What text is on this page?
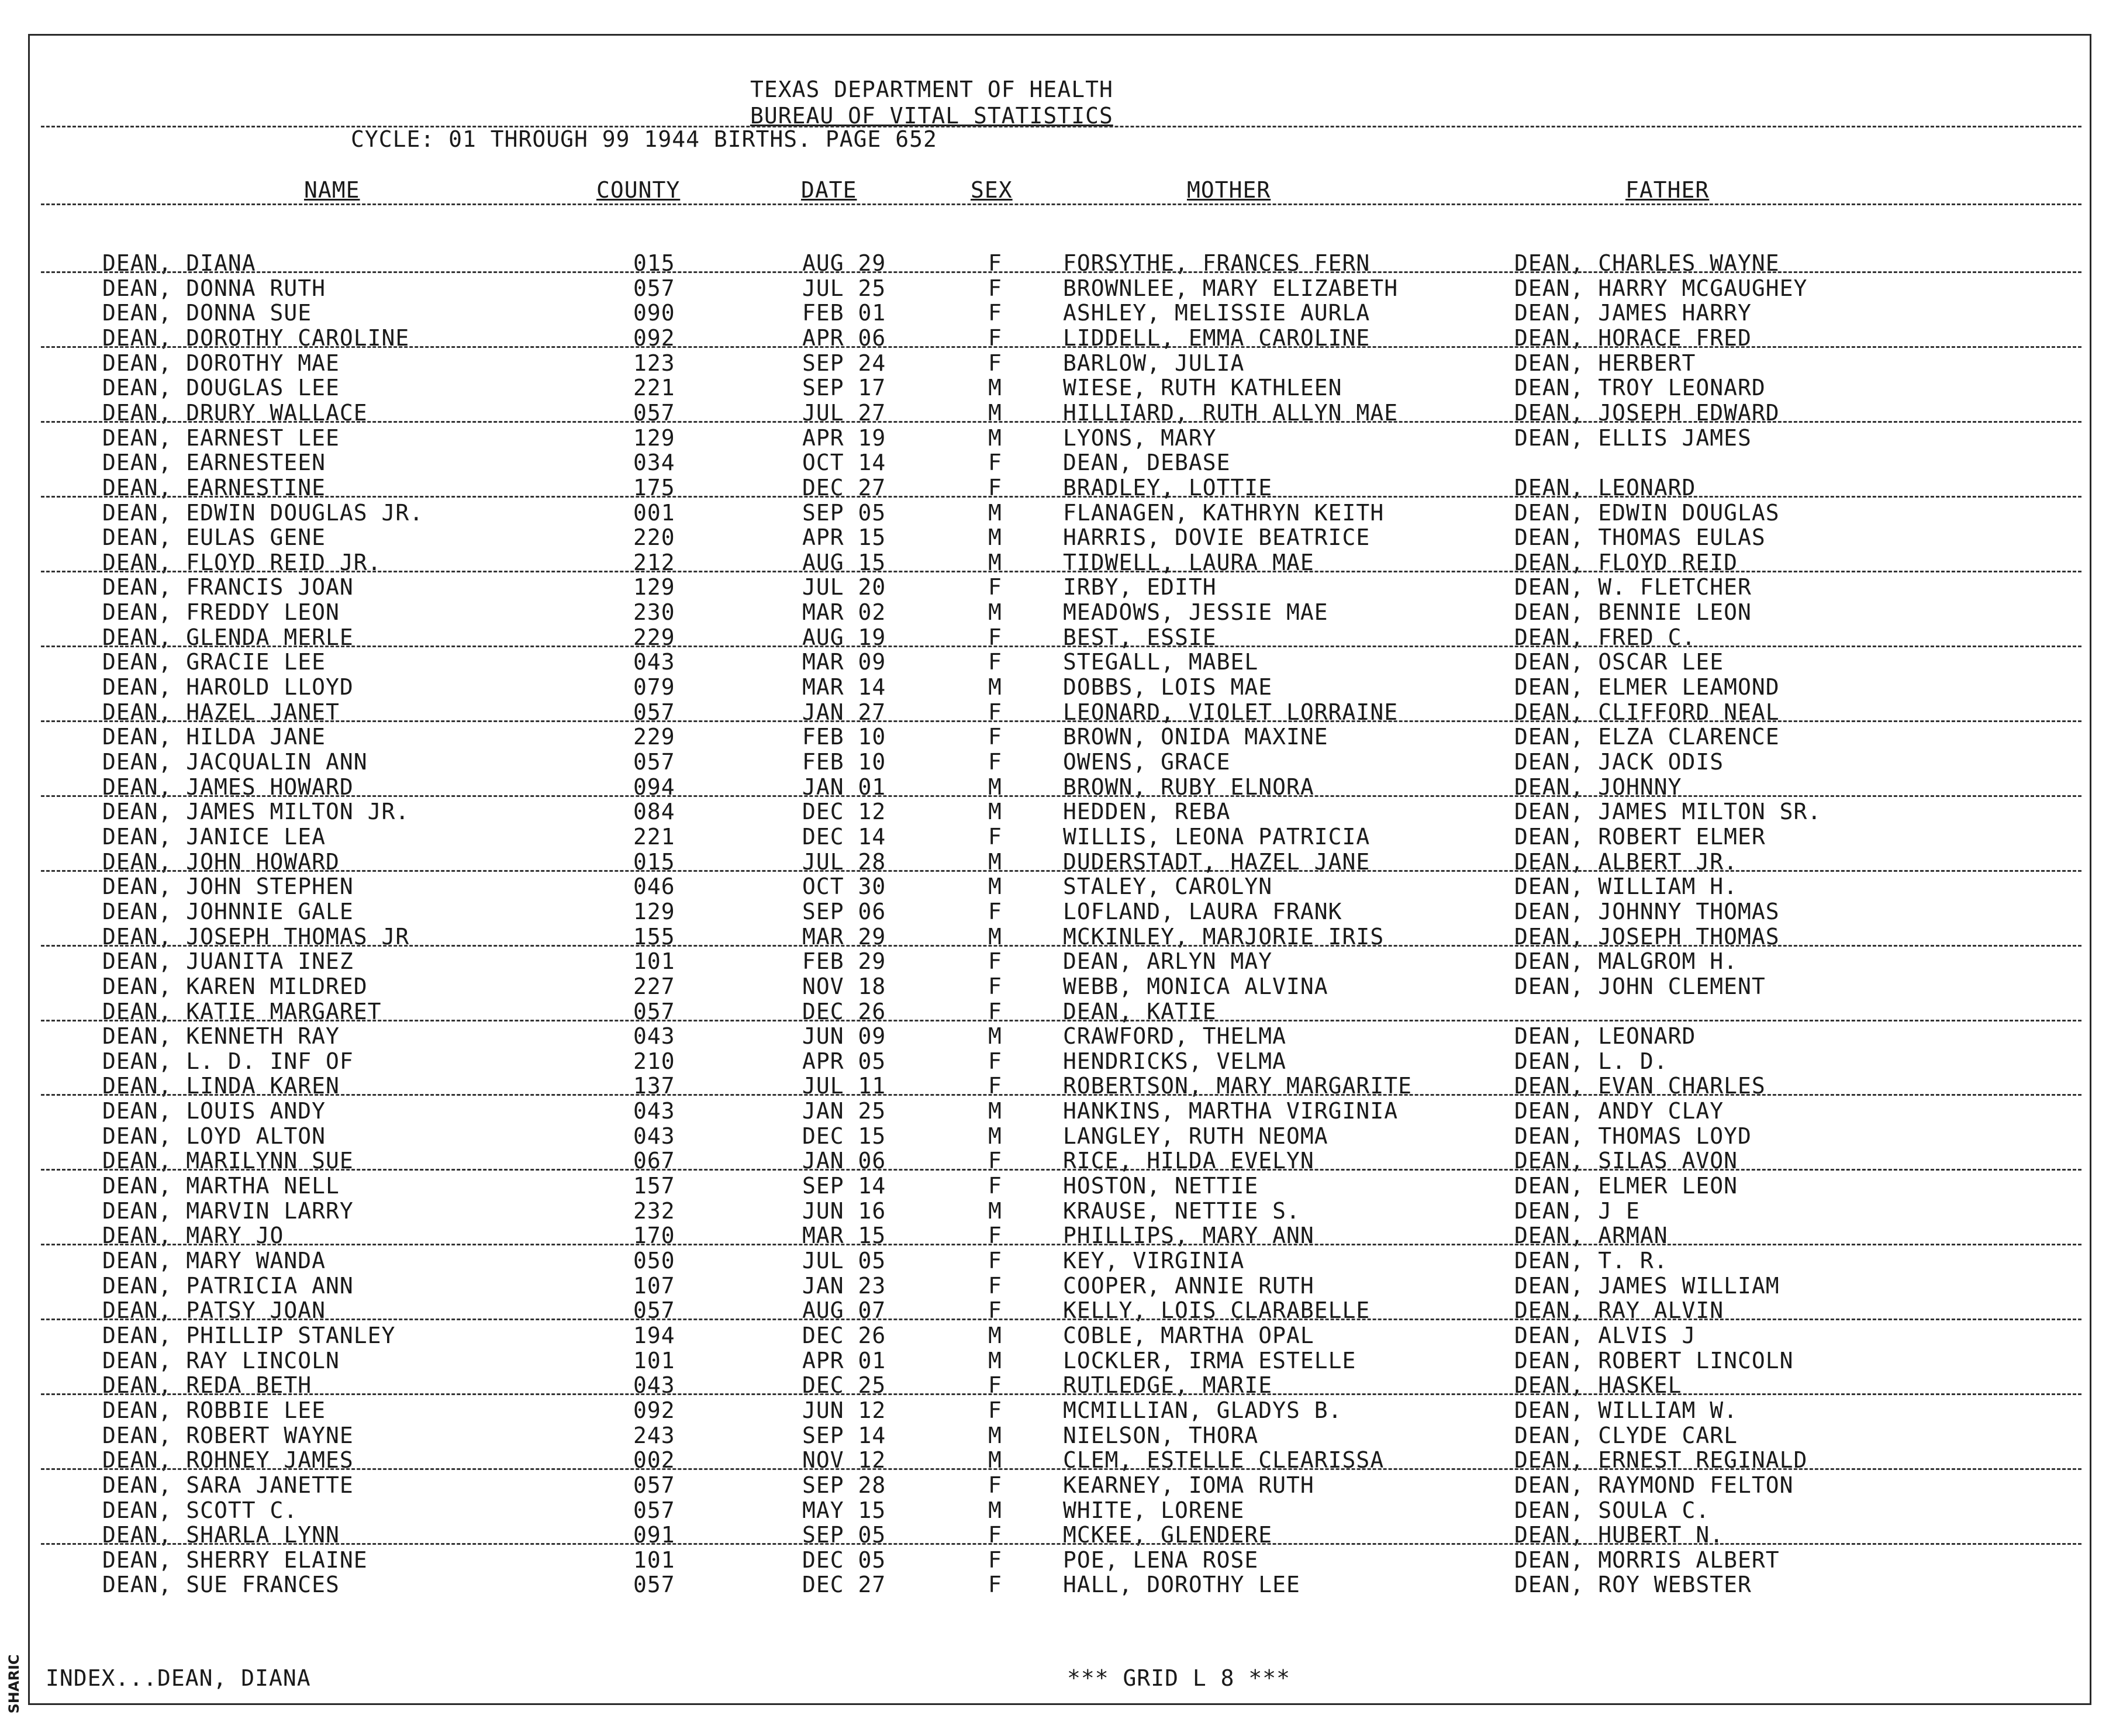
SHARIC
TEXAS DEPARTMENT OF HEALTH
BUREAU OF VITAL STATISTICS
CYCLE: 01 THROUGH 99 1944 BIRTHS. PAGE 652
NAME	COUNTY	DATE	SEX	MOTHER	FATHER
DEAN, DIANA	015	AUG 29	F	FORSYTHE, FRANCES FERN	DEAN, CHARLES WAYNE
DEAN, DONNA RUTH	057	JUL 25	F	BROWNLEE, MARY ELIZABETH	DEAN, HARRY MCGAUGHEY
DEAN, DONNA SUE	090	FEB 01	F	ASHLEY, MELISSIE AURLA	DEAN, JAMES HARRY
DEAN, DOROTHY CAROLINE	092	APR 06	F	LIDDELL, EMMA CAROLINE	DEAN, HORACE FRED
DEAN, DOROTHY MAE	123	SEP 24	F	BARLOW, JULIA	DEAN, HERBERT
DEAN, DOUGLAS LEE	221	SEP 17	M	WIESE, RUTH KATHLEEN	DEAN, TROY LEONARD
DEAN, DRURY WALLACE	057	JUL 27	M	HILLIARD, RUTH ALLYN MAE	DEAN, JOSEPH EDWARD
DEAN, EARNEST LEE	129	APR 19	M	LYONS, MARY	DEAN, ELLIS JAMES
DEAN, EARNESTEEN	034	OCT 14	F	DEAN, DEBASE
DEAN, EARNESTINE	175	DEC 27	F	BRADLEY, LOTTIE	DEAN, LEONARD
DEAN, EDWIN DOUGLAS JR.	001	SEP 05	M	FLANAGEN, KATHRYN KEITH	DEAN, EDWIN DOUGLAS
DEAN, EULAS GENE	220	APR 15	M	HARRIS, DOVIE BEATRICE	DEAN, THOMAS EULAS
DEAN, FLOYD REID JR.	212	AUG 15	M	TIDWELL, LAURA MAE	DEAN, FLOYD REID
DEAN, FRANCIS JOAN	129	JUL 20	F	IRBY, EDITH	DEAN, W. FLETCHER
DEAN, FREDDY LEON	230	MAR 02	M	MEADOWS, JESSIE MAE	DEAN, BENNIE LEON
DEAN, GLENDA MERLE	229	AUG 19	F	BEST, ESSIE	DEAN, FRED C.
DEAN, GRACIE LEE	043	MAR 09	F	STEGALL, MABEL	DEAN, OSCAR LEE
DEAN, HAROLD LLOYD	079	MAR 14	M	DOBBS, LOIS MAE	DEAN, ELMER LEAMOND
DEAN, HAZEL JANET	057	JAN 27	F	LEONARD, VIOLET LORRAINE	DEAN, CLIFFORD NEAL
DEAN, HILDA JANE	229	FEB 10	F	BROWN, ONIDA MAXINE	DEAN, ELZA CLARENCE
DEAN, JACQUALIN ANN	057	FEB 10	F	OWENS, GRACE	DEAN, JACK ODIS
DEAN, JAMES HOWARD	094	JAN 01	M	BROWN, RUBY ELNORA	DEAN, JOHNNY
DEAN, JAMES MILTON JR.	084	DEC 12	M	HEDDEN, REBA	DEAN, JAMES MILTON SR.
DEAN, JANICE LEA	221	DEC 14	F	WILLIS, LEONA PATRICIA	DEAN, ROBERT ELMER
DEAN, JOHN HOWARD	015	JUL 28	M	DUDERSTADT, HAZEL JANE	DEAN, ALBERT JR.
DEAN, JOHN STEPHEN	046	OCT 30	M	STALEY, CAROLYN	DEAN, WILLIAM H.
DEAN, JOHNNIE GALE	129	SEP 06	F	LOFLAND, LAURA FRANK	DEAN, JOHNNY THOMAS
DEAN, JOSEPH THOMAS JR	155	MAR 29	M	MCKINLEY, MARJORIE IRIS	DEAN, JOSEPH THOMAS
DEAN, JUANITA INEZ	101	FEB 29	F	DEAN, ARLYN MAY	DEAN, MALGROM H.
DEAN, KAREN MILDRED	227	NOV 18	F	WEBB, MONICA ALVINA	DEAN, JOHN CLEMENT
DEAN, KATIE MARGARET	057	DEC 26	F	DEAN, KATIE
DEAN, KENNETH RAY	043	JUN 09	M	CRAWFORD, THELMA	DEAN, LEONARD
DEAN, L. D. INF OF	210	APR 05	F	HENDRICKS, VELMA	DEAN, L. D.
DEAN, LINDA KAREN	137	JUL 11	F	ROBERTSON, MARY MARGARITE	DEAN, EVAN CHARLES
DEAN, LOUIS ANDY	043	JAN 25	M	HANKINS, MARTHA VIRGINIA	DEAN, ANDY CLAY
DEAN, LOYD ALTON	043	DEC 15	M	LANGLEY, RUTH NEOMA	DEAN, THOMAS LOYD
DEAN, MARILYNN SUE	067	JAN 06	F	RICE, HILDA EVELYN	DEAN, SILAS AVON
DEAN, MARTHA NELL	157	SEP 14	F	HOSTON, NETTIE	DEAN, ELMER LEON
DEAN, MARVIN LARRY	232	JUN 16	M	KRAUSE, NETTIE S.	DEAN, J E
DEAN, MARY JO	170	MAR 15	F	PHILLIPS, MARY ANN	DEAN, ARMAN
DEAN, MARY WANDA	050	JUL 05	F	KEY, VIRGINIA	DEAN, T. R.
DEAN, PATRICIA ANN	107	JAN 23	F	COOPER, ANNIE RUTH	DEAN, JAMES WILLIAM
DEAN, PATSY JOAN	057	AUG 07	F	KELLY, LOIS CLARABELLE	DEAN, RAY ALVIN
DEAN, PHILLIP STANLEY	194	DEC 26	M	COBLE, MARTHA OPAL	DEAN, ALVIS J
DEAN, RAY LINCOLN	101	APR 01	M	LOCKLER, IRMA ESTELLE	DEAN, ROBERT LINCOLN
DEAN, REDA BETH	043	DEC 25	F	RUTLEDGE, MARIE	DEAN, HASKEL
DEAN, ROBBIE LEE	092	JUN 12	F	MCMILLIAN, GLADYS B.	DEAN, WILLIAM W.
DEAN, ROBERT WAYNE	243	SEP 14	M	NIELSON, THORA	DEAN, CLYDE CARL
DEAN, ROHNEY JAMES	002	NOV 12	M	CLEM, ESTELLE CLEARISSA	DEAN, ERNEST REGINALD
DEAN, SARA JANETTE	057	SEP 28	F	KEARNEY, IOMA RUTH	DEAN, RAYMOND FELTON
DEAN, SCOTT C.	057	MAY 15	M	WHITE, LORENE	DEAN, SOULA C.
DEAN, SHARLA LYNN	091	SEP 05	F	MCKEE, GLENDERE	DEAN, HUBERT N.
DEAN, SHERRY ELAINE	101	DEC 05	F	POE, LENA ROSE	DEAN, MORRIS ALBERT
DEAN, SUE FRANCES	057	DEC 27	F	HALL, DOROTHY LEE	DEAN, ROY WEBSTER
INDEX...DEAN, DIANA	*** GRID L 8 ***
